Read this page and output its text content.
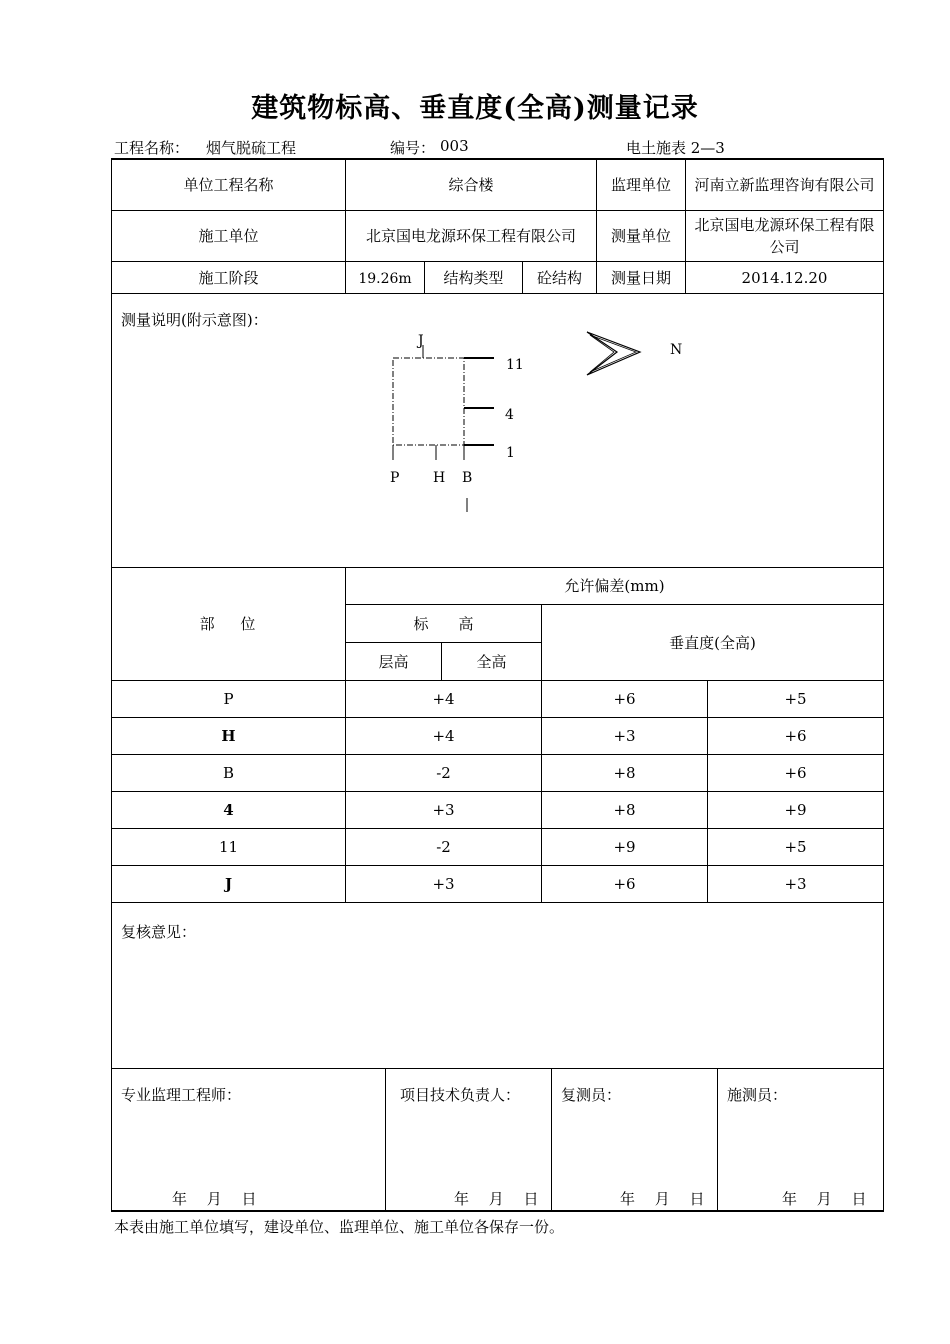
建筑物标高、垂直度(全高)测量记录
工程名称： 烟气脱硫工程	编号： 003	电土施表 2—3
单位工程名称	综合楼	监理单位	河南立新监理咨询有限公司
施工单位	北京国电龙源环保工程有限公司	测量单位
北京国电龙源环保工程有限公司
施工阶段	19.26m	结构类型	砼结构	测量日期	2014.12.20
测量说明(附示意图)：
J
11
4
1
P H B
N
部　 位
允许偏差(mm)
标　　高
层高	全高
垂直度(全高)
P	+4	+6	+5
H	+4	+3	+6
B	-2	+8	+6
4	+3	+8	+9
11	-2	+9	+5
J	+3	+6	+3
复核意见：
专业监理工程师：	项目技术负责人：	复测员：	施测员：
年　 月　 日	年　 月　 日	年　 月　 日	年　 月　 日
本表由施工单位填写，建设单位、监理单位、施工单位各保存一份。
